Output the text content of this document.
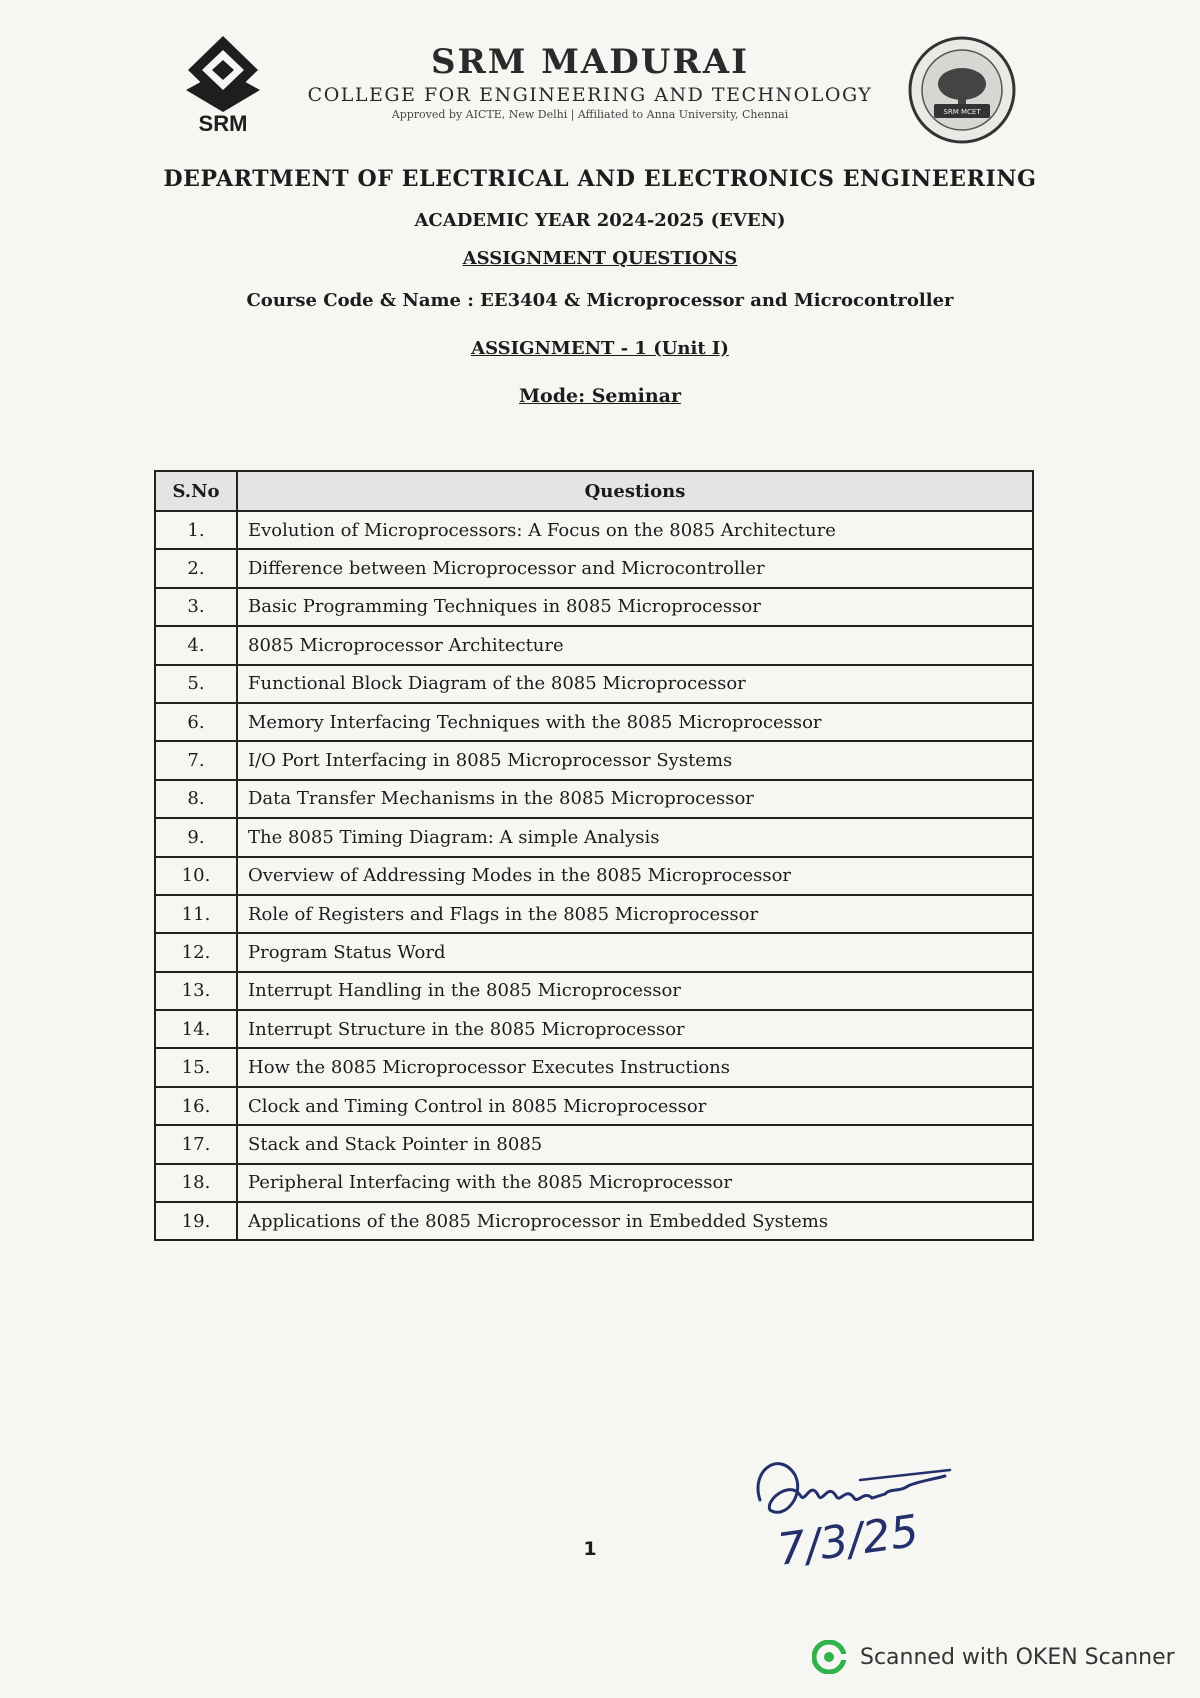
SRM
SRM MADURAI
COLLEGE FOR ENGINEERING AND TECHNOLOGY
Approved by AICTE, New Delhi | Affiliated to Anna University, Chennai	SRM MCET
DEPARTMENT OF ELECTRICAL AND ELECTRONICS ENGINEERING
ACADEMIC YEAR 2024-2025 (EVEN)
ASSIGNMENT QUESTIONS
Course Code & Name : EE3404 & Microprocessor and Microcontroller
ASSIGNMENT - 1 (Unit I)
Mode: Seminar
S.No	Questions
1.	Evolution of Microprocessors: A Focus on the 8085 Architecture
2.	Difference between Microprocessor and Microcontroller
3.	Basic Programming Techniques in 8085 Microprocessor
4.	8085 Microprocessor Architecture
5.	Functional Block Diagram of the 8085 Microprocessor
6.	Memory Interfacing Techniques with the 8085 Microprocessor
7.	I/O Port Interfacing in 8085 Microprocessor Systems
8.	Data Transfer Mechanisms in the 8085 Microprocessor
9.	The 8085 Timing Diagram: A simple Analysis
10.	Overview of Addressing Modes in the 8085 Microprocessor
11.	Role of Registers and Flags in the 8085 Microprocessor
12.	Program Status Word
13.	Interrupt Handling in the 8085 Microprocessor
14.	Interrupt Structure in the 8085 Microprocessor
15.	How the 8085 Microprocessor Executes Instructions
16.	Clock and Timing Control in 8085 Microprocessor
17.	Stack and Stack Pointer in 8085
18.	Peripheral Interfacing with the 8085 Microprocessor
19.	Applications of the 8085 Microprocessor in Embedded Systems
7/3/25
1
Scanned with OKEN Scanner
